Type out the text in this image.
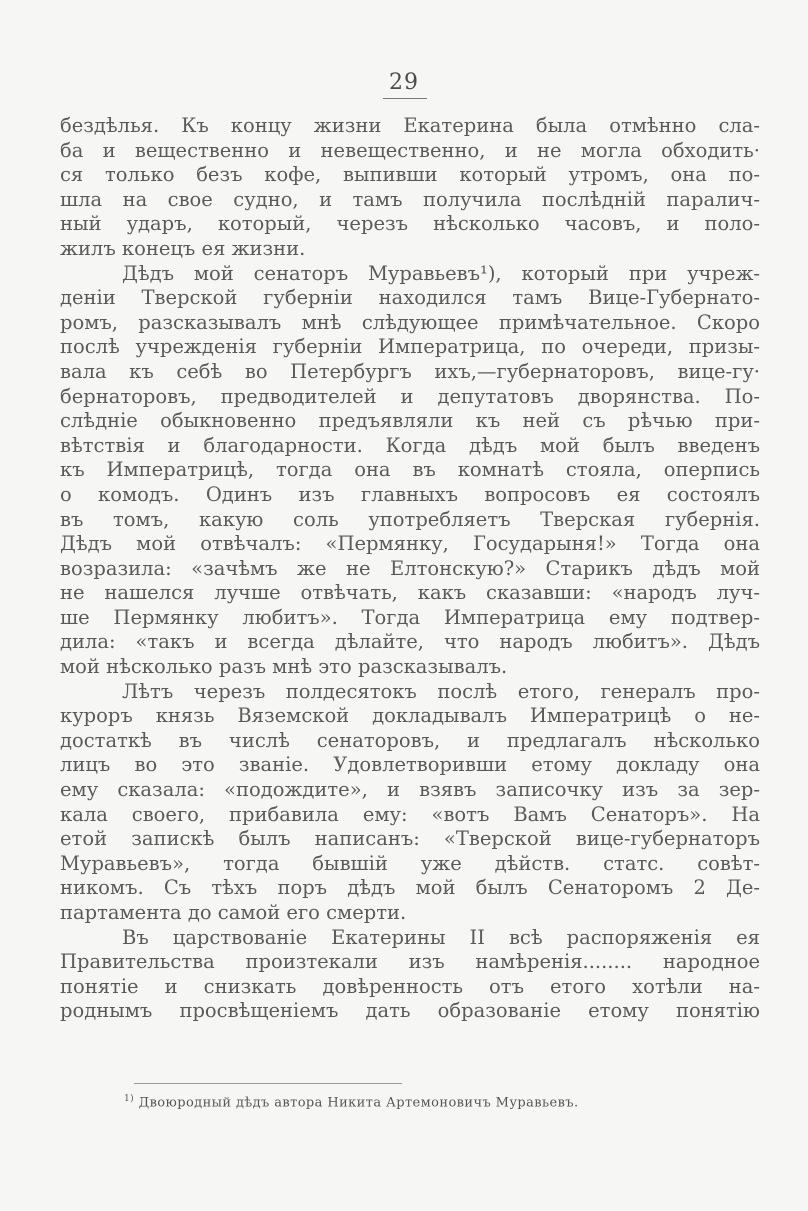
29
бездѣлья. Къ концу жизни Екатерина была отмѣнно сла-
ба и вещественно и невещественно, и не могла обходить·
ся только безъ кофе, выпивши который утромъ, она по-
шла на свое судно, и тамъ получила послѣдній паралич-
ный ударъ, который, черезъ нѣсколько часовъ, и поло-
жилъ конецъ ея жизни.
Дѣдъ мой сенаторъ Муравьевъ¹), который при учреж-
деніи Тверской губерніи находился тамъ Вице-Губернато-
ромъ, разсказывалъ мнѣ слѣдующее примѣчательное. Скоро
послѣ учрежденія губерніи Императрица, по очереди, призы-
вала къ себѣ во Петербургъ ихъ,—губернаторовъ, вице-гу·
бернаторовъ, предводителей и депутатовъ дворянства. По-
слѣдніе обыкновенно предъявляли къ ней съ рѣчью при-
вѣтствія и благодарности. Когда дѣдъ мой былъ введенъ
къ Императрицѣ, тогда она въ комнатѣ стояла, оперпись
о комодъ. Одинъ изъ главныхъ вопросовъ ея состоялъ
въ томъ, какую соль употребляетъ Тверская губернія.
Дѣдъ мой отвѣчалъ: «Пермянку, Государыня!» Тогда она
возразила: «зачѣмъ же не Елтонскую?» Старикъ дѣдъ мой
не нашелся лучше отвѣчать, какъ сказавши: «народъ луч-
ше Пермянку любитъ». Тогда Императрица ему подтвер-
дила: «такъ и всегда дѣлайте, что народъ любитъ». Дѣдъ
мой нѣсколько разъ мнѣ это разсказывалъ.
Лѣтъ черезъ полдесятокъ послѣ етого, генералъ про-
куроръ князь Вяземской докладывалъ Императрицѣ о не-
достаткѣ въ числѣ сенаторовъ, и предлагалъ нѣсколько
лицъ во это званіе. Удовлетворивши етому докладу она
ему сказала: «подождите», и взявъ записочку изъ за зер-
кала своего, прибавила ему: «вотъ Вамъ Сенаторъ». На
етой запискѣ былъ написанъ: «Тверской вице-губернаторъ
Муравьевъ», тогда бывшій уже дѣйств. статс. совѣт-
никомъ. Съ тѣхъ поръ дѣдъ мой былъ Сенаторомъ 2 Де-
партамента до самой его смерти.
Въ царствованіе Екатерины II всѣ распоряженія ея
Правительства произтекали изъ намѣренія........ народное
понятіе и снизкать довѣренность отъ етого хотѣли на-
роднымъ просвѣщеніемъ дать образованіе етому понятію
$^{1)}$ Двоюродный дѣдъ автора Никита Артемоновичъ Муравьевъ.
